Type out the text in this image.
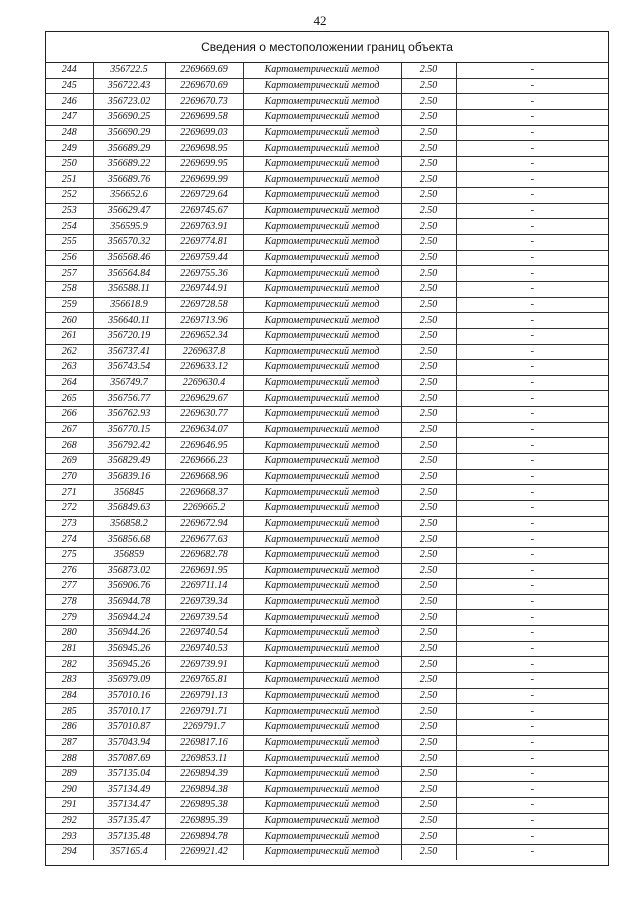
42
Сведения о местоположении границ объекта
244	356722.5	2269669.69	Картометрический метод	2.50	-
245	356722.43	2269670.69	Картометрический метод	2.50	-
246	356723.02	2269670.73	Картометрический метод	2.50	-
247	356690.25	2269699.58	Картометрический метод	2.50	-
248	356690.29	2269699.03	Картометрический метод	2.50	-
249	356689.29	2269698.95	Картометрический метод	2.50	-
250	356689.22	2269699.95	Картометрический метод	2.50	-
251	356689.76	2269699.99	Картометрический метод	2.50	-
252	356652.6	2269729.64	Картометрический метод	2.50	-
253	356629.47	2269745.67	Картометрический метод	2.50	-
254	356595.9	2269763.91	Картометрический метод	2.50	-
255	356570.32	2269774.81	Картометрический метод	2.50	-
256	356568.46	2269759.44	Картометрический метод	2.50	-
257	356564.84	2269755.36	Картометрический метод	2.50	-
258	356588.11	2269744.91	Картометрический метод	2.50	-
259	356618.9	2269728.58	Картометрический метод	2.50	-
260	356640.11	2269713.96	Картометрический метод	2.50	-
261	356720.19	2269652.34	Картометрический метод	2.50	-
262	356737.41	2269637.8	Картометрический метод	2.50	-
263	356743.54	2269633.12	Картометрический метод	2.50	-
264	356749.7	2269630.4	Картометрический метод	2.50	-
265	356756.77	2269629.67	Картометрический метод	2.50	-
266	356762.93	2269630.77	Картометрический метод	2.50	-
267	356770.15	2269634.07	Картометрический метод	2.50	-
268	356792.42	2269646.95	Картометрический метод	2.50	-
269	356829.49	2269666.23	Картометрический метод	2.50	-
270	356839.16	2269668.96	Картометрический метод	2.50	-
271	356845	2269668.37	Картометрический метод	2.50	-
272	356849.63	2269665.2	Картометрический метод	2.50	-
273	356858.2	2269672.94	Картометрический метод	2.50	-
274	356856.68	2269677.63	Картометрический метод	2.50	-
275	356859	2269682.78	Картометрический метод	2.50	-
276	356873.02	2269691.95	Картометрический метод	2.50	-
277	356906.76	2269711.14	Картометрический метод	2.50	-
278	356944.78	2269739.34	Картометрический метод	2.50	-
279	356944.24	2269739.54	Картометрический метод	2.50	-
280	356944.26	2269740.54	Картометрический метод	2.50	-
281	356945.26	2269740.53	Картометрический метод	2.50	-
282	356945.26	2269739.91	Картометрический метод	2.50	-
283	356979.09	2269765.81	Картометрический метод	2.50	-
284	357010.16	2269791.13	Картометрический метод	2.50	-
285	357010.17	2269791.71	Картометрический метод	2.50	-
286	357010.87	2269791.7	Картометрический метод	2.50	-
287	357043.94	2269817.16	Картометрический метод	2.50	-
288	357087.69	2269853.11	Картометрический метод	2.50	-
289	357135.04	2269894.39	Картометрический метод	2.50	-
290	357134.49	2269894.38	Картометрический метод	2.50	-
291	357134.47	2269895.38	Картометрический метод	2.50	-
292	357135.47	2269895.39	Картометрический метод	2.50	-
293	357135.48	2269894.78	Картометрический метод	2.50	-
294	357165.4	2269921.42	Картометрический метод	2.50	-
